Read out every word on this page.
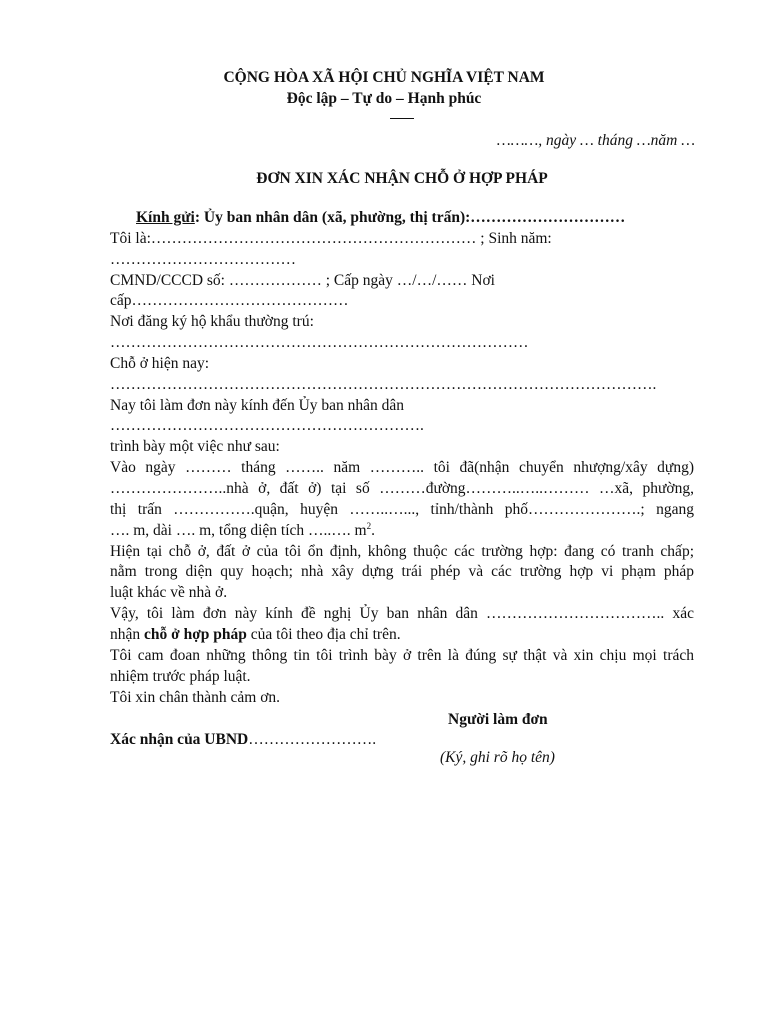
CỘNG HÒA XÃ HỘI CHỦ NGHĨA VIỆT NAM
Độc lập – Tự do – Hạnh phúc
………, ngày … tháng …năm …
ĐƠN XIN XÁC NHẬN CHỖ Ở HỢP PHÁP
Kính gửi: Ủy ban nhân dân (xã, phường, thị trấn):…………………………
Tôi là:……………………………………………………… ; Sinh năm:
………………………………
CMND/CCCD số: ……………… ; Cấp ngày …/…/…… Nơi
cấp……………………………………
Nơi đăng ký hộ khẩu thường trú:
………………………………………………………………………
Chỗ ở hiện nay:
…………………………………………………………………………………………….
Nay tôi làm đơn này kính đến Ủy ban nhân dân
…………………………………………………….
trình bày một việc như sau:
Vào ngày ……… tháng …….. năm ……….. tôi đã(nhận chuyển nhượng/xây dựng)
…………………..nhà ở, đất ở) tại số ………đường………..…..……… …xã, phường,
thị trấn …………….quận, huyện ……..…..., tỉnh/thành phố………………….; ngang
…. m, dài …. m, tổng diện tích …..…. $m^2$.
Hiện tại chỗ ở, đất ở của tôi ổn định, không thuộc các trường hợp: đang có tranh chấp;
nằm trong diện quy hoạch; nhà xây dựng trái phép và các trường hợp vi phạm pháp
luật khác về nhà ở.
Vậy, tôi làm đơn này kính đề nghị Ủy ban nhân dân …………………………….. xác
nhận chỗ ở hợp pháp của tôi theo địa chỉ trên.
Tôi cam đoan những thông tin tôi trình bày ở trên là đúng sự thật và xin chịu mọi trách
nhiệm trước pháp luật.
Tôi xin chân thành cảm ơn.
Người làm đơn
Xác nhận của UBND…………………….
(Ký, ghi rõ họ tên)
